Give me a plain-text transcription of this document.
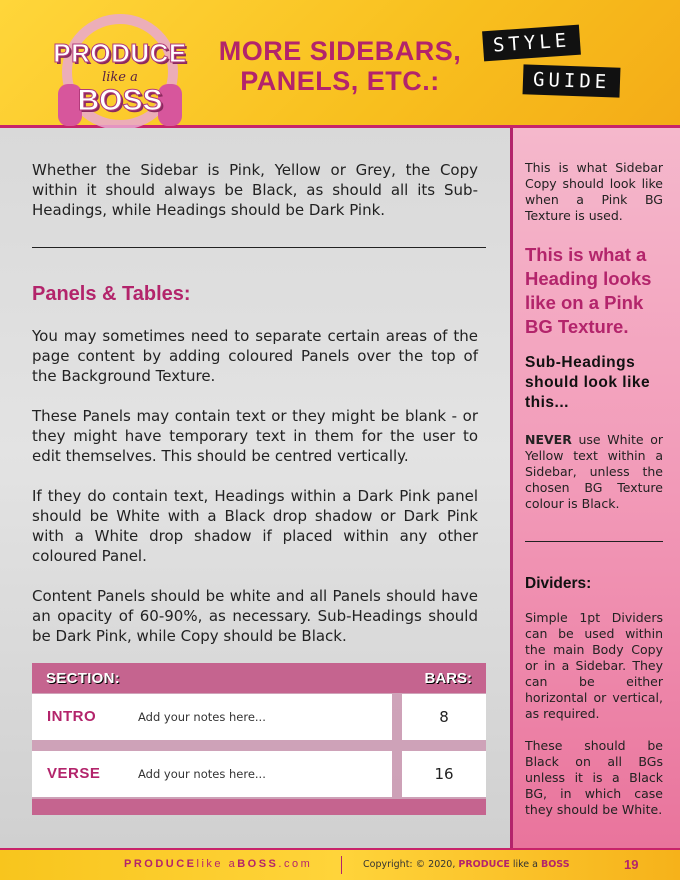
PRODUCE
like a
BOSS
MORE SIDEBARS,
PANELS, ETC.:
STYLE
GUIDE
Whether the Sidebar is Pink, Yellow or Grey, the Copy within it should always be Black, as should all its Sub-Headings, while Headings should be Dark Pink.
Panels & Tables:
You may sometimes need to separate certain areas of the page content by adding coloured Panels over the top of the Background Texture.
These Panels may contain text or they might be blank - or they might have temporary text in them for the user to edit themselves. This should be centred vertically.
If they do contain text, Headings within a Dark Pink panel should be White with a Black drop shadow or Dark Pink with a White drop shadow if placed within any other coloured Panel.
Content Panels should be white and all Panels should have an opacity of 60-90%, as necessary. Sub-Headings should be Dark Pink, while Copy should be Black.
SECTION:	BARS:
INTRO	Add your notes here...	8
VERSE	Add your notes here...	16
This is what Sidebar Copy should look like when a Pink BG Texture is used.
This is what a Heading looks like on a Pink BG Texture.
Sub-Headings should look like this...
NEVER use White or Yellow text within a Sidebar, unless the chosen BG Texture colour is Black.
Dividers:
Simple 1pt Dividers can be used within the main Body Copy or in a Sidebar. They can be either horizontal or vertical, as required.
These should be Black on all BGs unless it is a Black BG, in which case they should be White.
PRODUCElike aBOSS.com	Copyright: © 2020, PRODUCE like a BOSS	19
